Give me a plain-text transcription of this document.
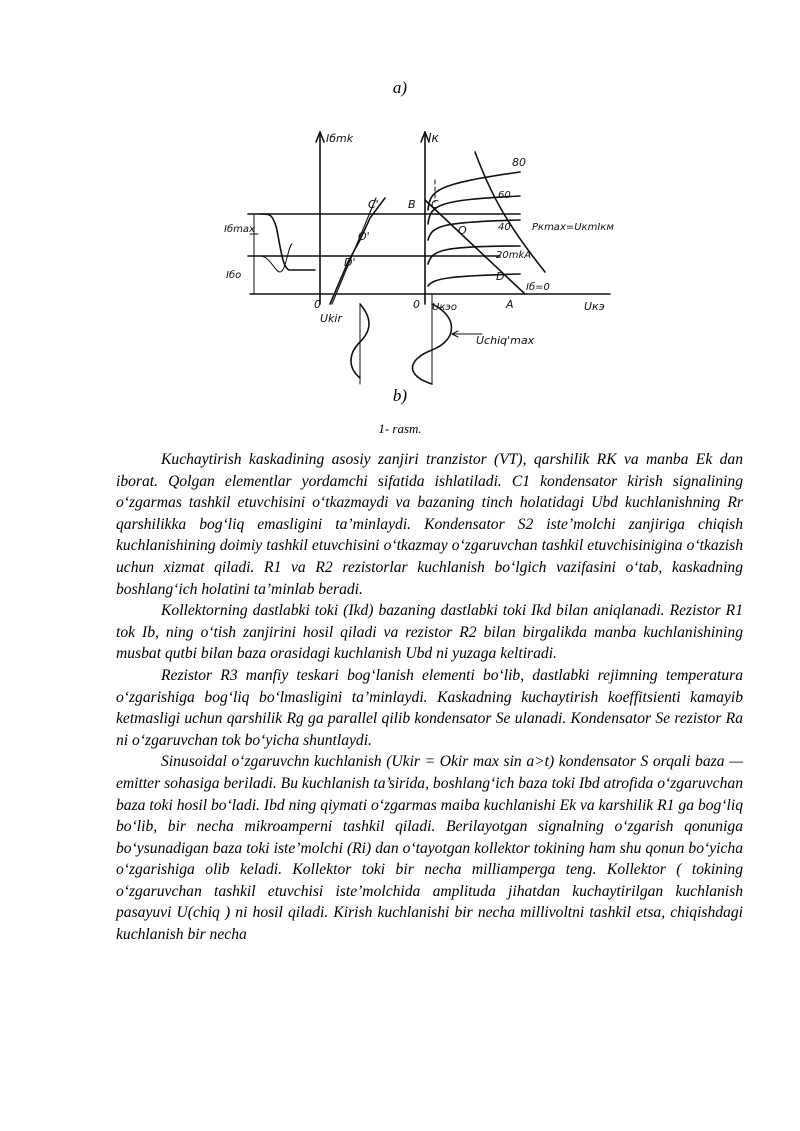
a)
Iбmk	Iк
Iбmax
Iбо
0	0
Ukir
Uchiq'max
Uкэ
Uкэо
B C
O
D
A
C'
O'
D'
80
60
40
20mkA
Iб=0
Pкmax=UкmIкм
b)
1- rasm.

Kuchaytirish kaskadining asosiy zanjiri tranzistor (VT), qarshilik RK va manba Ek dan iborat. Qolgan elementlar yordamchi sifatida ishlatiladi. C1 kondensator kirish signalining o‘zgarmas tashkil etuvchisini o‘tkazmaydi va bazaning tinch holatidagi Ubd kuchlanishning Rr qarshilikka bog‘liq emasligini ta’minlaydi. Kondensator S2 iste’molchi zanjiriga chiqish kuchlanishining doimiy tashkil etuvchisini o‘tkazmay o‘zgaruvchan tashkil etuvchisinigina o‘tkazish uchun xizmat qiladi. R1 va R2 rezistorlar kuchlanish bo‘lgich vazifasini o‘tab, kaskadning boshlang‘ich holatini ta’minlab beradi.

Kollektorning dastlabki toki (Ikd) bazaning dastlabki toki Ikd bilan aniqlanadi. Rezistor R1 tok Ib, ning o‘tish zanjirini hosil qiladi va rezistor R2 bilan birgalikda manba kuchlanishining musbat qutbi bilan baza orasidagi kuchlanish Ubd ni yuzaga keltiradi.

Rezistor R3 manfiy teskari bog‘lanish elementi bo‘lib, dastlabki rejimning temperatura o‘zgarishiga bog‘liq bo‘lmasligini ta’minlaydi. Kaskadning kuchaytirish koeffitsienti kamayib ketmasligi uchun qarshilik Rg ga parallel qilib kondensator Se ulanadi. Kondensator Se rezistor Ra ni o‘zgaruvchan tok bo‘yicha shuntlaydi.

Sinusoidal o‘zgaruvchn kuchlanish (Ukir = Okir max sin a>t) kondensator S orqali baza —emitter sohasiga beriladi. Bu kuchlanish ta’sirida, boshlang‘ich baza toki Ibd atrofida o‘zgaruvchan baza toki hosil bo‘ladi. Ibd ning qiymati o‘zgarmas maiba kuchlanishi Ek va karshilik R1 ga bog‘liq bo‘lib, bir necha mikroamperni tashkil qiladi. Berilayotgan signalning o‘zgarish qonuniga bo‘ysunadigan baza toki iste’molchi (Ri) dan o‘tayotgan kollektor tokining ham shu qonun bo‘yicha o‘zgarishiga olib keladi. Kollektor toki bir necha milliamperga teng. Kollektor ( tokining o‘zgaruvchan tashkil etuvchisi iste’molchida amplituda jihatdan kuchaytirilgan kuchlanish pasayuvi U(chiq ) ni hosil qiladi. Kirish kuchlanishi bir necha millivoltni tashkil etsa, chiqishdagi kuchlanish bir necha
